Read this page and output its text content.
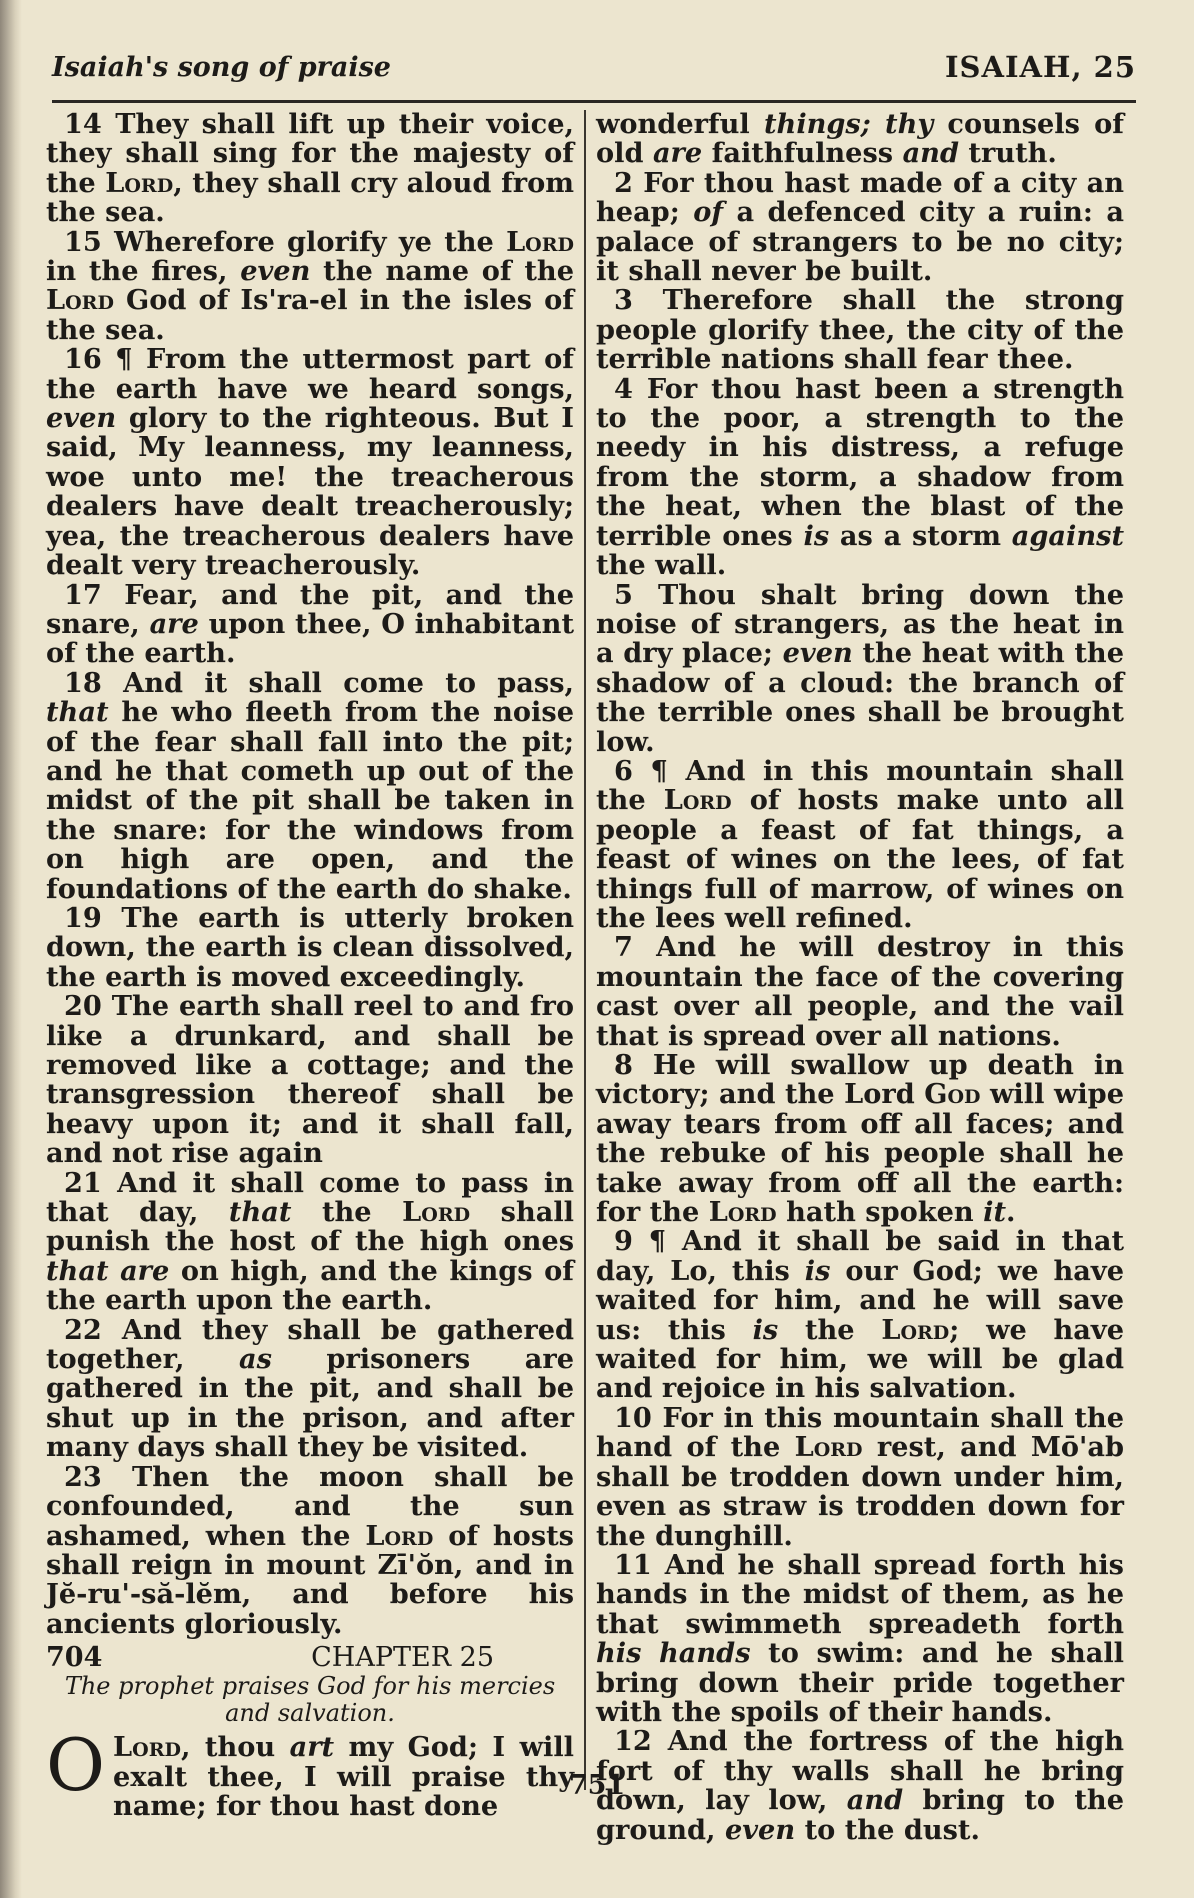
Isaiah's song of praise	ISAIAH, 25

14 They shall lift up their voice, they shall sing for the majesty of the Lord, they shall cry aloud from the sea.

15 Wherefore glorify ye the Lord in the fires, even the name of the Lord God of Is'ra-el in the isles of the sea.

16 ¶ From the uttermost part of the earth have we heard songs, even glory to the righteous. But I said, My leanness, my leanness, woe unto me! the treacherous dealers have dealt treacherously; yea, the treacherous dealers have dealt very treacherously.

17 Fear, and the pit, and the snare, are upon thee, O inhabitant of the earth.

18 And it shall come to pass, that he who fleeth from the noise of the fear shall fall into the pit; and he that cometh up out of the midst of the pit shall be taken in the snare: for the windows from on high are open, and the foundations of the earth do shake.

19 The earth is utterly broken down, the earth is clean dissolved, the earth is moved exceedingly.

20 The earth shall reel to and fro like a drunkard, and shall be removed like a cottage; and the transgression thereof shall be heavy upon it; and it shall fall, and not rise again

21 And it shall come to pass in that day, that the Lord shall punish the host of the high ones that are on high, and the kings of the earth upon the earth.

22 And they shall be gathered together, as prisoners are gathered in the pit, and shall be shut up in the prison, and after many days shall they be visited.

23 Then the moon shall be confounded, and the sun ashamed, when the Lord of hosts shall reign in mount Zī'ŏn, and in Jĕ-ru'-să-lĕm, and before his ancients gloriously.

704	CHAPTER 25

The prophet praises God for his mercies and salvation.

O Lord, thou art my God; I will exalt thee, I will praise thy name; for thou hast done

wonderful things; thy counsels of old are faithfulness and truth.

2 For thou hast made of a city an heap; of a defenced city a ruin: a palace of strangers to be no city; it shall never be built.

3 Therefore shall the strong people glorify thee, the city of the terrible nations shall fear thee.

4 For thou hast been a strength to the poor, a strength to the needy in his distress, a refuge from the storm, a shadow from the heat, when the blast of the terrible ones is as a storm against the wall.

5 Thou shalt bring down the noise of strangers, as the heat in a dry place; even the heat with the shadow of a cloud: the branch of the terrible ones shall be brought low.

6 ¶ And in this mountain shall the Lord of hosts make unto all people a feast of fat things, a feast of wines on the lees, of fat things full of marrow, of wines on the lees well refined.

7 And he will destroy in this mountain the face of the covering cast over all people, and the vail that is spread over all nations.

8 He will swallow up death in victory; and the Lord God will wipe away tears from off all faces; and the rebuke of his people shall he take away from off all the earth: for the Lord hath spoken it.

9 ¶ And it shall be said in that day, Lo, this is our God; we have waited for him, and he will save us: this is the Lord; we have waited for him, we will be glad and rejoice in his salvation.

10 For in this mountain shall the hand of the Lord rest, and Mō'ab shall be trodden down under him, even as straw is trodden down for the dunghill.

11 And he shall spread forth his hands in the midst of them, as he that swimmeth spreadeth forth his hands to swim: and he shall bring down their pride together with the spoils of their hands.

12 And the fortress of the high fort of thy walls shall he bring down, lay low, and bring to the ground, even to the dust.

751
